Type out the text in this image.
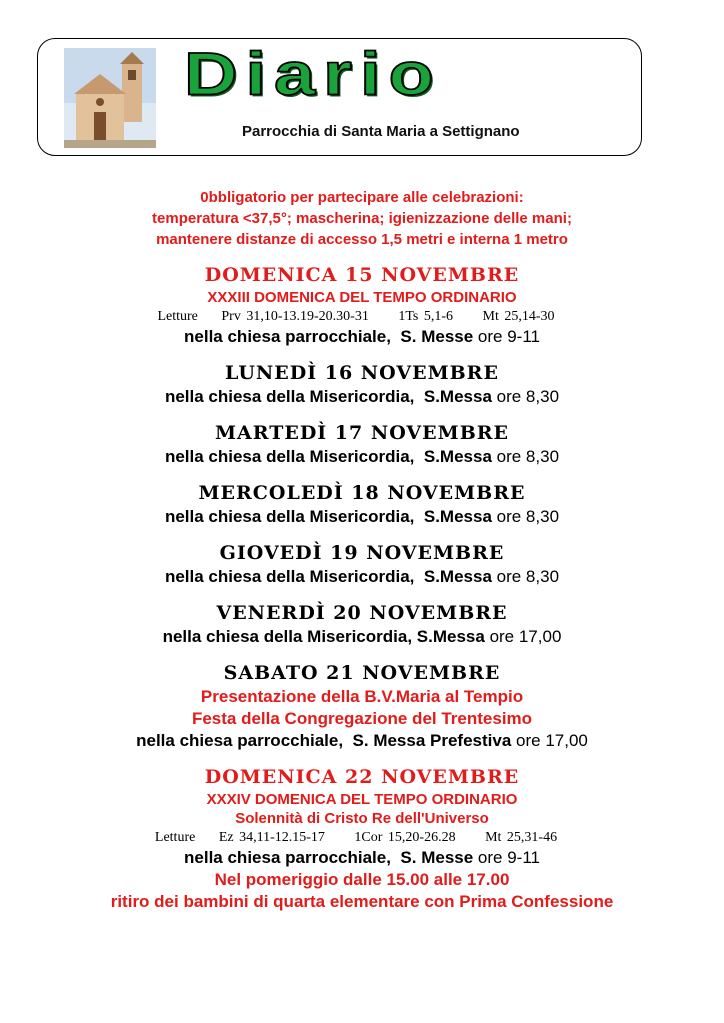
Diario
Parrocchia di Santa Maria a Settignano
0bbligatorio per partecipare alle celebrazioni:
temperatura <37,5°; mascherina; igienizzazione delle mani;
mantenere distanze di accesso 1,5 metri e interna 1 metro
DOMENICA 15 NOVEMBRE
XXXIII DOMENICA DEL TEMPO ORDINARIO
Letture Prv 31,10-13.19-20.30-31 1Ts 5,1-6 Mt 25,14-30
nella chiesa parrocchiale, S. Messe ore 9-11
LUNEDÌ 16 NOVEMBRE
nella chiesa della Misericordia, S.Messa ore 8,30
MARTEDÌ 17 NOVEMBRE
nella chiesa della Misericordia, S.Messa ore 8,30
MERCOLEDÌ 18 NOVEMBRE
nella chiesa della Misericordia, S.Messa ore 8,30
GIOVEDÌ 19 NOVEMBRE
nella chiesa della Misericordia, S.Messa ore 8,30
VENERDÌ 20 NOVEMBRE
nella chiesa della Misericordia, S.Messa ore 17,00
SABATO 21 NOVEMBRE
Presentazione della B.V.Maria al Tempio
Festa della Congregazione del Trentesimo
nella chiesa parrocchiale, S. Messa Prefestiva ore 17,00
DOMENICA 22 NOVEMBRE
XXXIV DOMENICA DEL TEMPO ORDINARIO
Solennità di Cristo Re dell'Universo
Letture Ez 34,11-12.15-17 1Cor 15,20-26.28 Mt 25,31-46
nella chiesa parrocchiale, S. Messe ore 9-11
Nel pomeriggio dalle 15.00 alle 17.00
ritiro dei bambini di quarta elementare con Prima Confessione
